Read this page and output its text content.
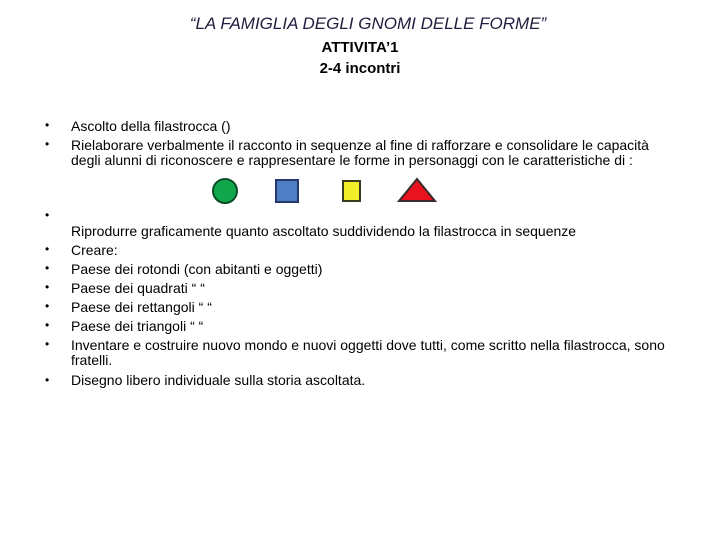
“LA FAMIGLIA DEGLI GNOMI DELLE FORME”
ATTIVITA’1
2-4 incontri
•
•
•
•
•
•
•
•
•
•

Ascolto della filastrocca ()

Rielaborare verbalmente il racconto in sequenze al fine di rafforzare e consolidare le capacità degli alunni di riconoscere e rappresentare le forme in personaggi con le caratteristiche di :

Riprodurre graficamente quanto ascoltato suddividendo la filastrocca in sequenze

Creare:

Paese dei rotondi (con abitanti e oggetti)

Paese dei quadrati “ “

Paese dei rettangoli “ “

Paese dei triangoli “ “

Inventare e costruire nuovo mondo e nuovi oggetti dove tutti, come scritto nella filastrocca, sono fratelli.

Disegno libero individuale sulla storia ascoltata.
